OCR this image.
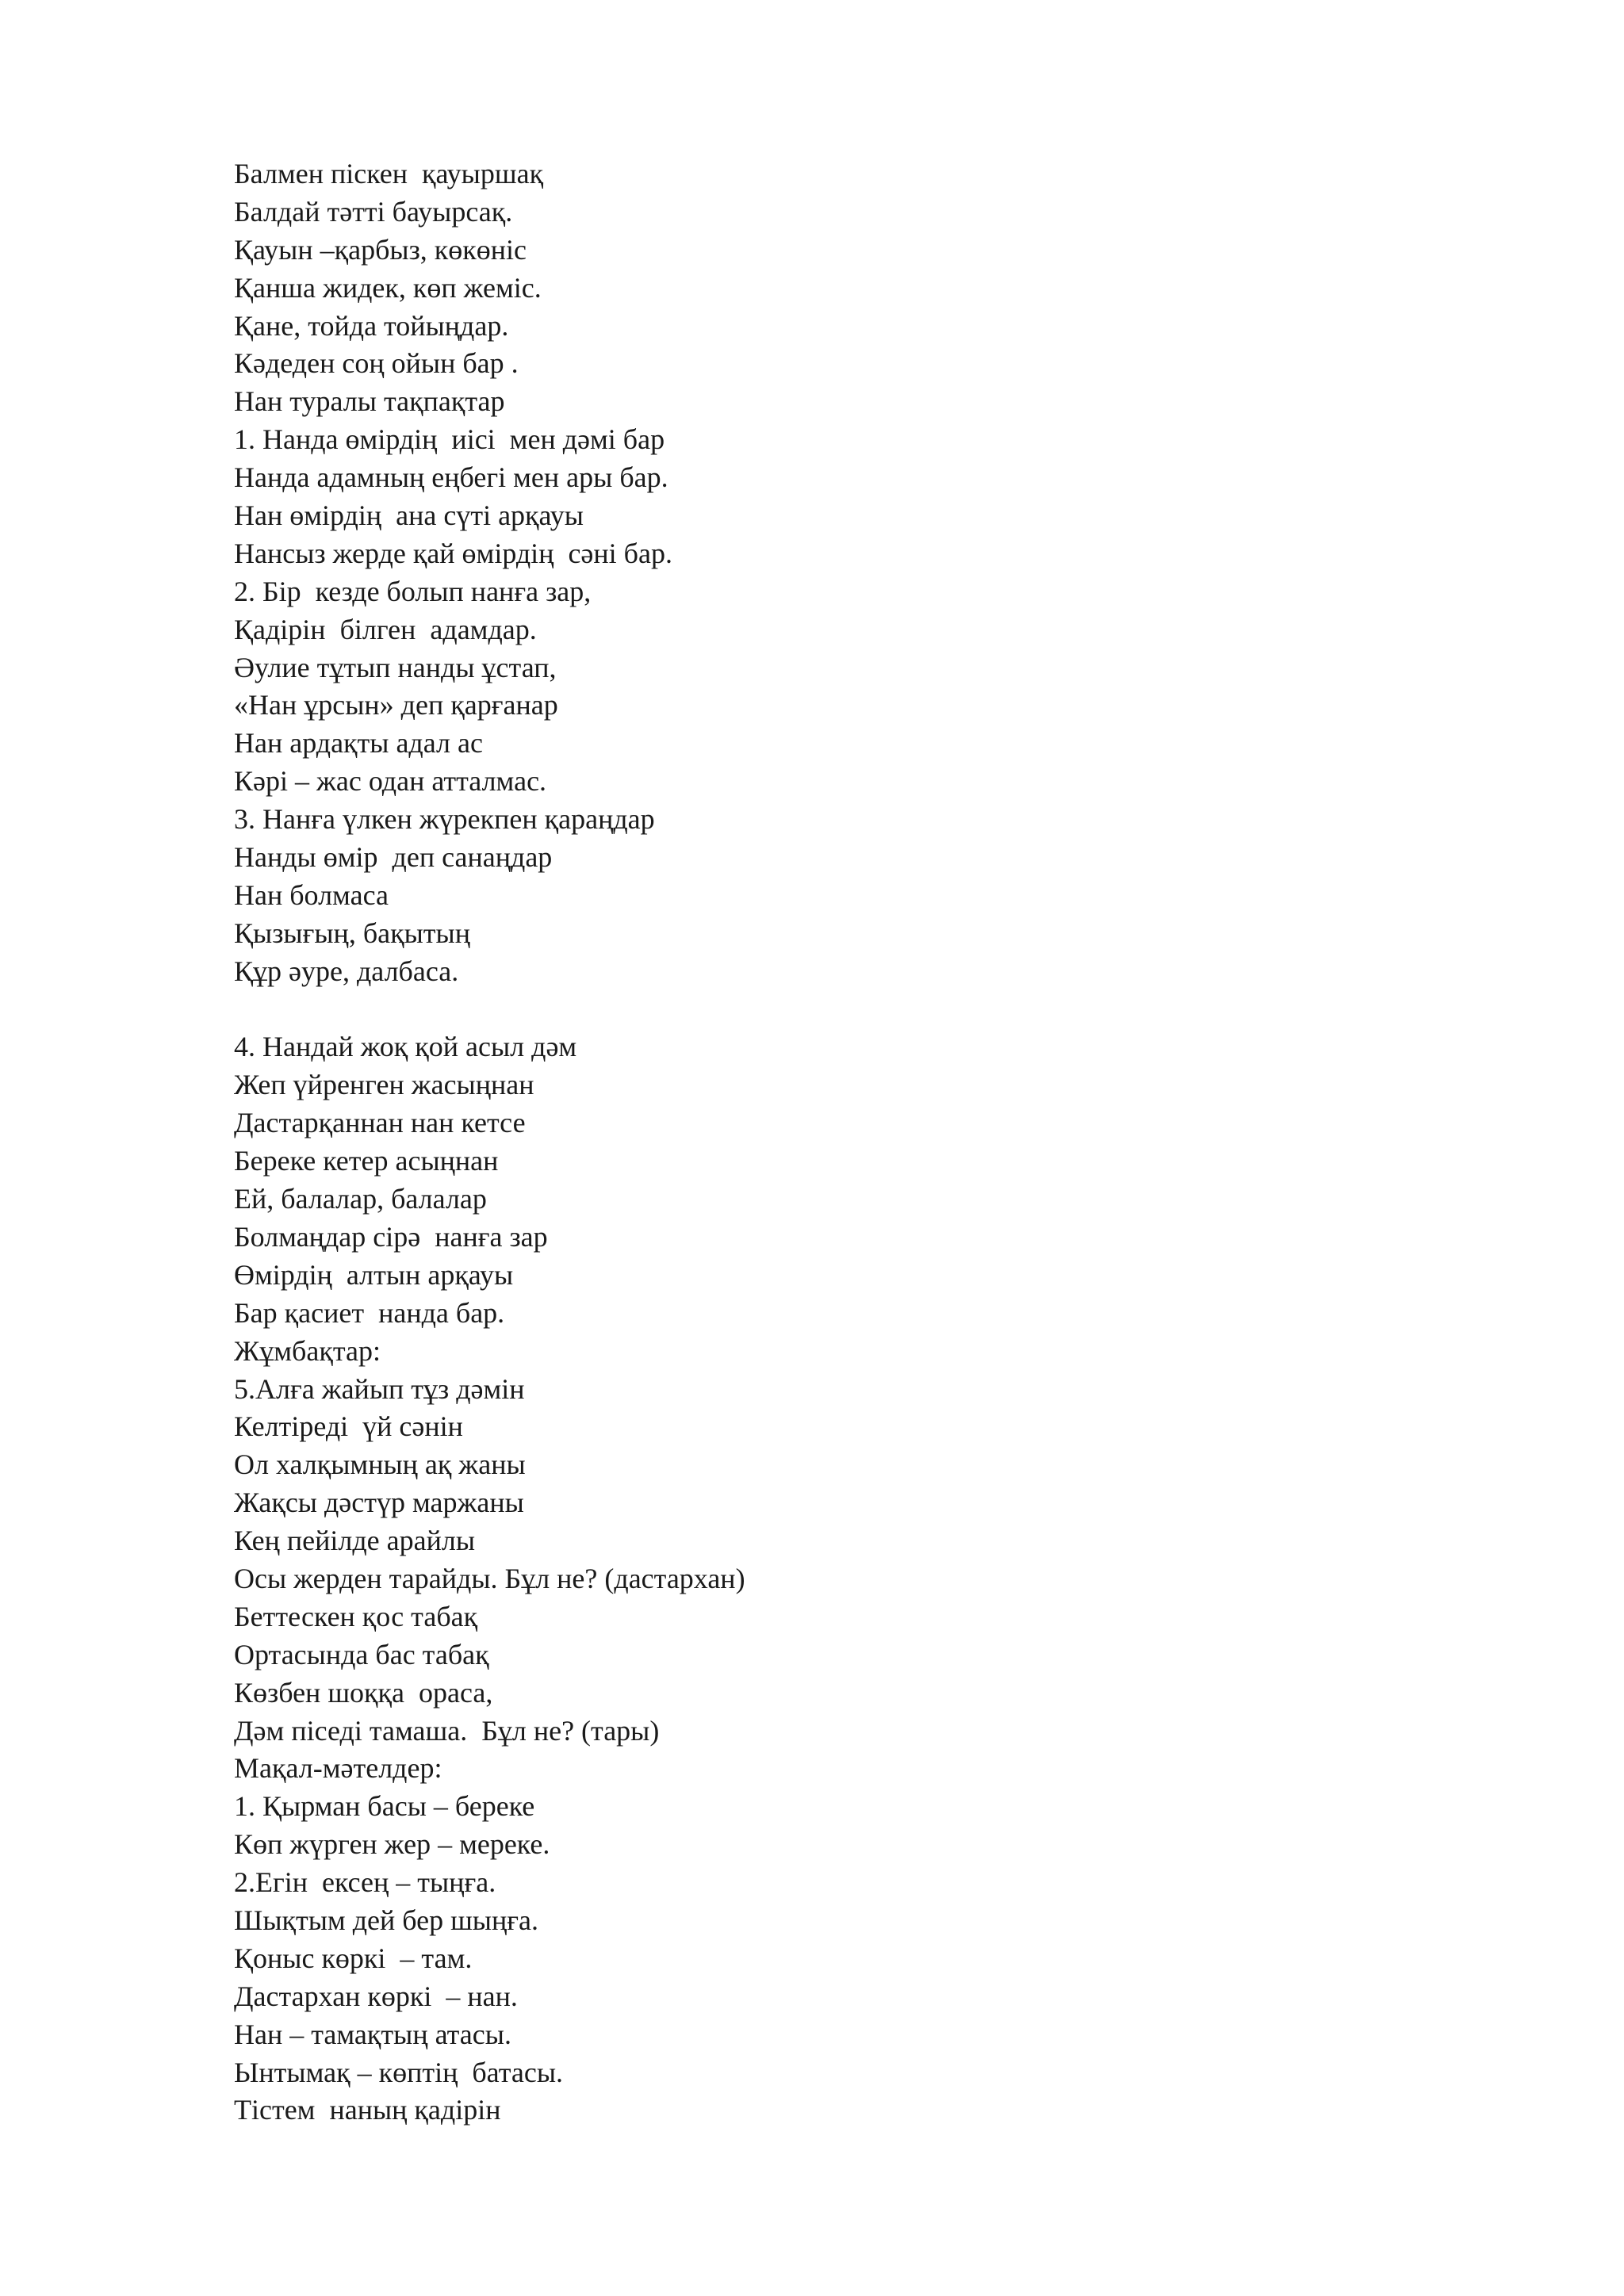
Балмен піскен  қауыршақ
Балдай тәтті бауырсақ.
Қауын –қарбыз, көкөніс
Қанша жидек, көп жеміс.
Қане, тойда тойыңдар.
Кәдеден соң ойын бар .
Нан туралы тақпақтар
1. Нанда өмірдің  иісі  мен дәмі бар
Нанда адамның еңбегі мен ары бар.
Нан өмірдің  ана сүті арқауы
Нансыз жерде қай өмірдің  сәні бар.
2. Бір  кезде болып нанға зар,
Қадірін  білген  адамдар.
Әулие тұтып нанды ұстап,
«Нан ұрсын» деп қарғанар
Нан ардақты адал ас
Кәрі – жас одан атталмас.
3. Нанға үлкен жүрекпен қараңдар
Нанды өмір  деп санаңдар
Нан болмаса
Қызығың, бақытың
Құр әуре, далбаса.
4. Нандай жоқ қой асыл дәм
Жеп үйренген жасыңнан
Дастарқаннан нан кетсе
Береке кетер асыңнан
Ей, балалар, балалар
Болмаңдар сірә  нанға зар
Өмірдің  алтын арқауы
Бар қасиет  нанда бар.
Жұмбақтар:
5.Алға жайып тұз дәмін
Келтіреді  үй сәнін
Ол халқымның ақ жаны
Жақсы дәстүр маржаны
Кең пейілде арайлы
Осы жерден тарайды. Бұл не? (дастархан)
Беттескен қос табақ
Ортасында бас табақ
Көзбен шоққа  ораса,
Дәм піседі тамаша.  Бұл не? (тары)
Мақал-мәтелдер:
1. Қырман басы – береке
Көп жүрген жер – мереке.
2.Егін  ексең – тыңға.
Шықтым дей бер шыңға.
Қоныс көркі  – там.
Дастархан көркі  – нан.
Нан – тамақтың атасы.
Ынтымақ – көптің  батасы.
Тістем  наның қадірін
